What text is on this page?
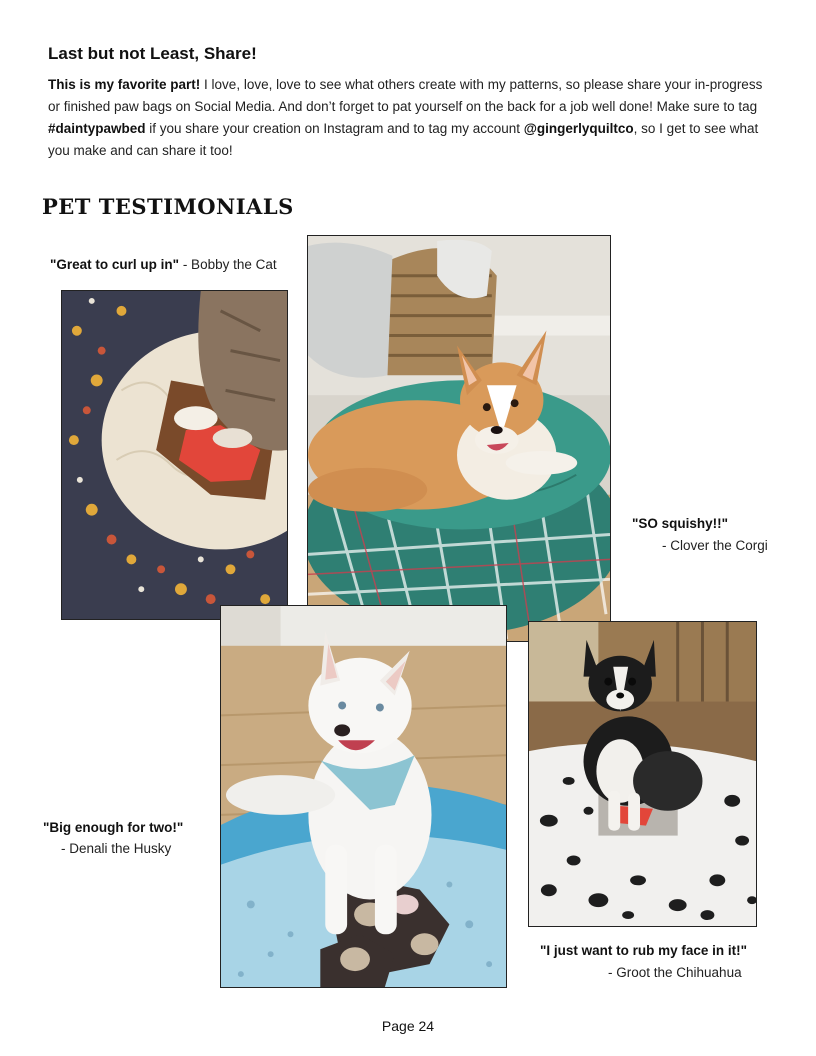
Last but not Least, Share!
This is my favorite part! I love, love, love to see what others create with my patterns, so please share your in-progress or finished paw bags on Social Media. And don’t forget to pat yourself on the back for a job well done! Make sure to tag #daintypawbed if you share your creation on Instagram and to tag my account @gingerlyquiltco, so I get to see what you make and can share it too!
PET TESTIMONIALS
"Great to curl up in" - Bobby the Cat
"SO squishy!!"
- Clover the Corgi
"Big enough for two!"
- Denali the Husky
"I just want to rub my face in it!"
- Groot the Chihuahua
Page 24
